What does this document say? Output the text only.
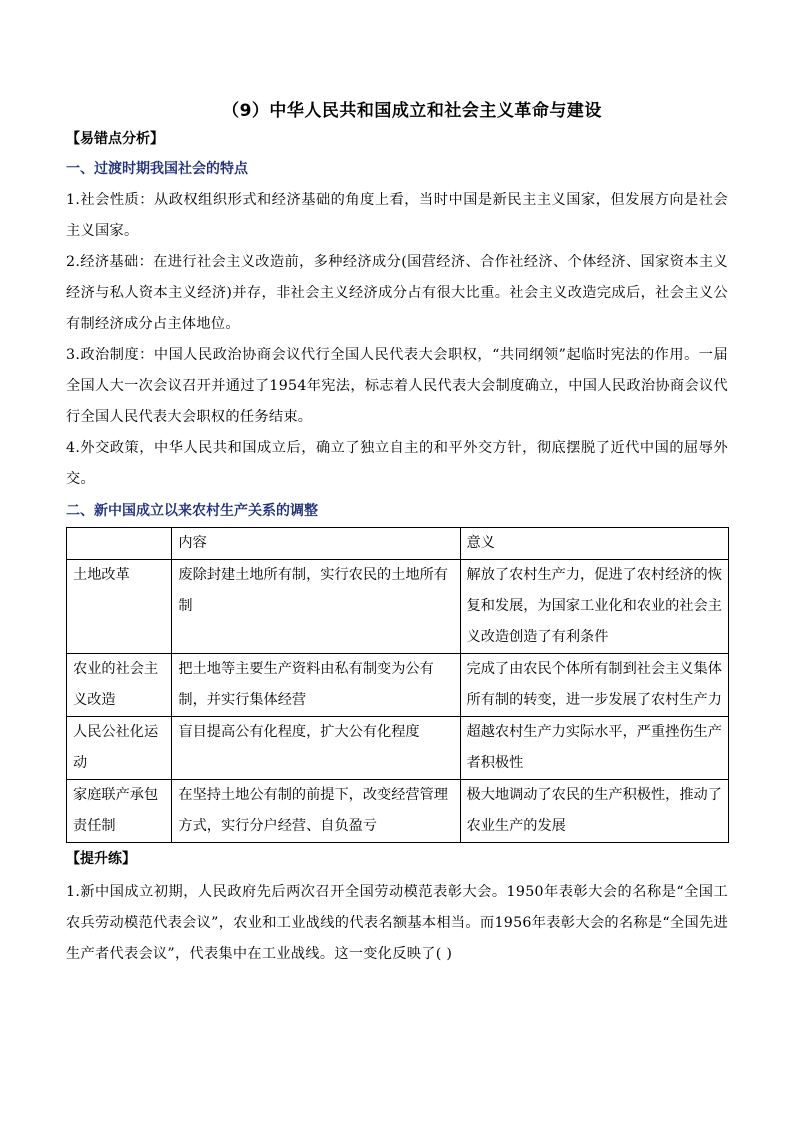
（9）中华人民共和国成立和社会主义革命与建设
【易错点分析】
一、过渡时期我国社会的特点

1.社会性质：从政权组织形式和经济基础的角度上看，当时中国是新民主主义国家，但发展方向是社会主义国家。

2.经济基础：在进行社会主义改造前，多种经济成分(国营经济、合作社经济、个体经济、国家资本主义经济与私人资本主义经济)并存，非社会主义经济成分占有很大比重。社会主义改造完成后，社会主义公有制经济成分占主体地位。

3.政治制度：中国人民政治协商会议代行全国人民代表大会职权，“共同纲领”起临时宪法的作用。一届全国人大一次会议召开并通过了1954年宪法，标志着人民代表大会制度确立，中国人民政治协商会议代行全国人民代表大会职权的任务结束。

4.外交政策，中华人民共和国成立后，确立了独立自主的和平外交方针，彻底摆脱了近代中国的屈辱外交。

二、新中国成立以来农村生产关系的调整
	内容	意义
土地改革	废除封建土地所有制，实行农民的土地所有制	解放了农村生产力，促进了农村经济的恢复和发展，为国家工业化和农业的社会主义改造创造了有利条件
农业的社会主义改造	把土地等主要生产资料由私有制变为公有制，并实行集体经营	完成了由农民个体所有制到社会主义集体所有制的转变，进一步发展了农村生产力
人民公社化运动	盲目提高公有化程度，扩大公有化程度	超越农村生产力实际水平，严重挫伤生产者积极性
家庭联产承包责任制	在坚持土地公有制的前提下，改变经营管理方式，实行分户经营、自负盈亏	极大地调动了农民的生产积极性，推动了农业生产的发展
【提升练】

1.新中国成立初期，人民政府先后两次召开全国劳动模范表彰大会。1950年表彰大会的名称是“全国工农兵劳动模范代表会议”，农业和工业战线的代表名额基本相当。而1956年表彰大会的名称是“全国先进生产者代表会议”，代表集中在工业战线。这一变化反映了( )
